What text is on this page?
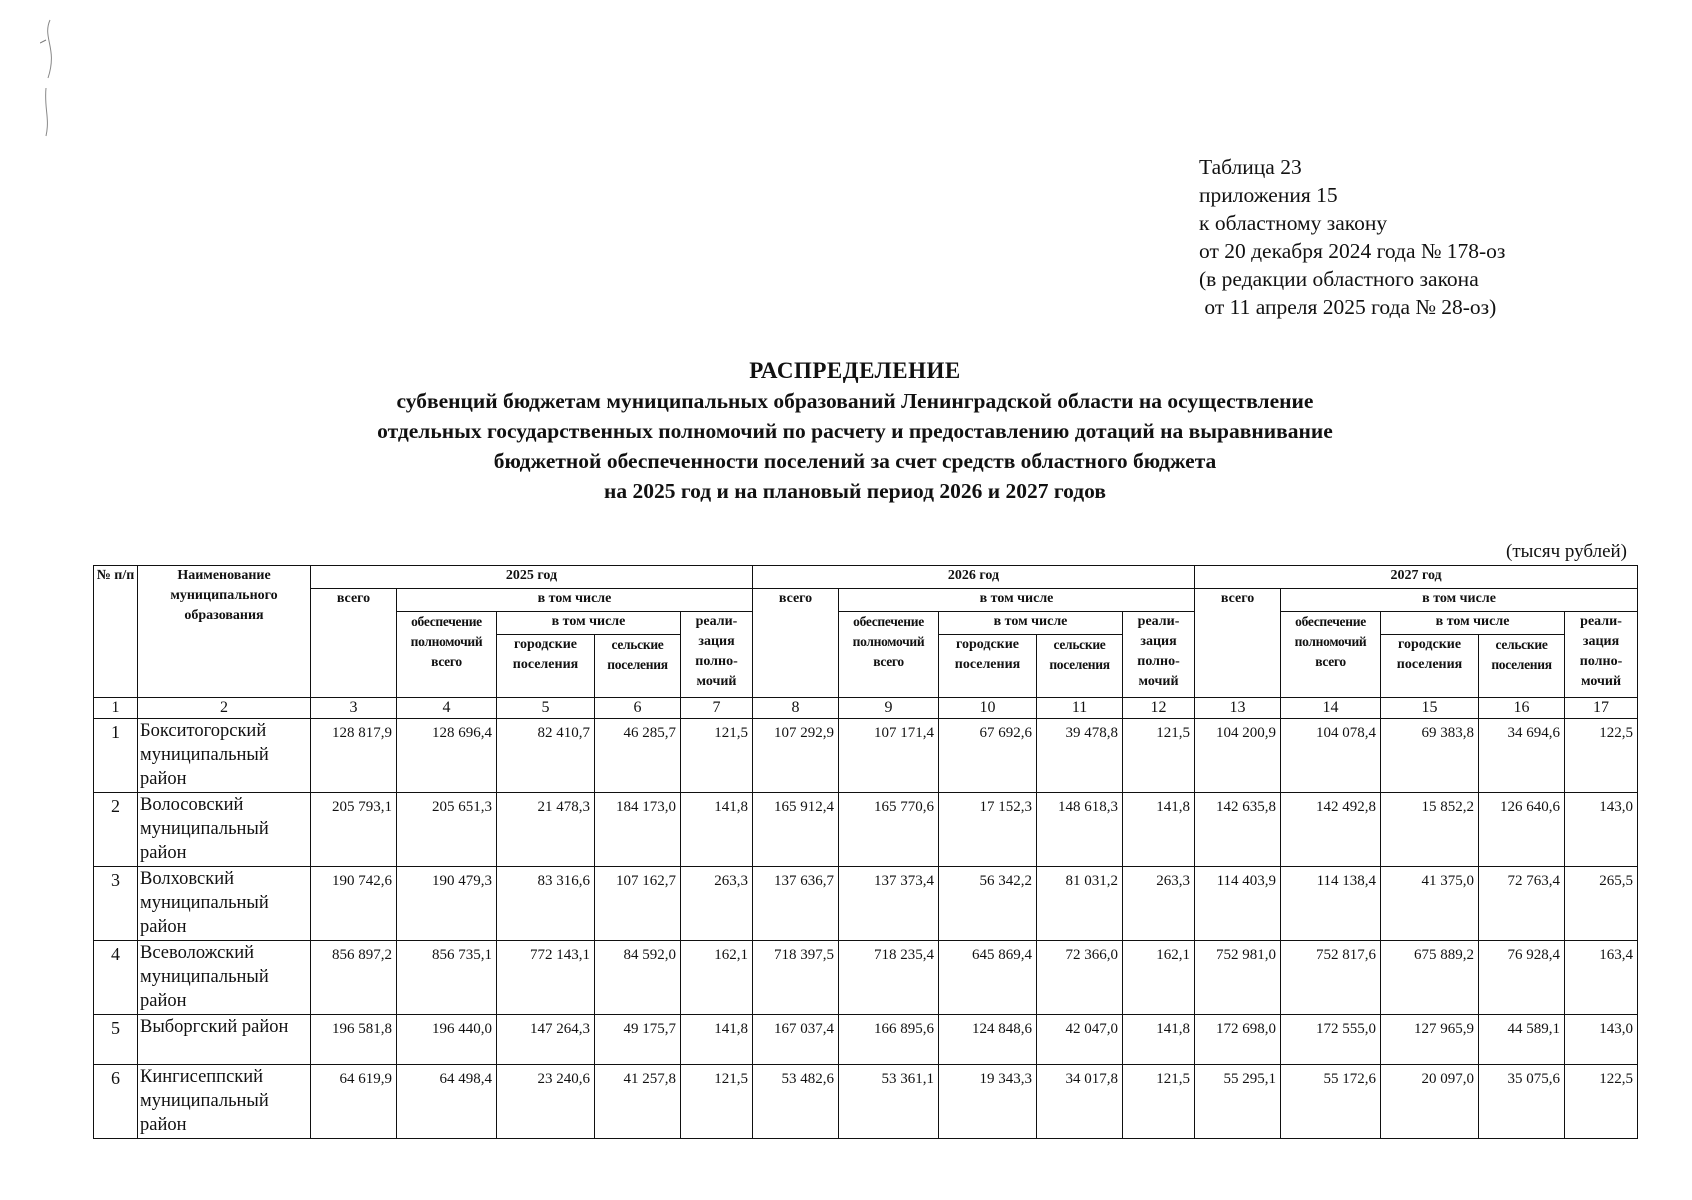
Таблица 23
приложения 15
к областному закону
от 20 декабря 2024 года № 178-оз
(в редакции областного закона
от 11 апреля 2025 года № 28-оз)
РАСПРЕДЕЛЕНИЕ
субвенций бюджетам муниципальных образований Ленинградской области на осуществление
отдельных государственных полномочий по расчету и предоставлению дотаций на выравнивание
бюджетной обеспеченности поселений за счет средств областного бюджета
на 2025 год и на плановый период 2026 и 2027 годов
(тысяч рублей)
№ п/п	Наименование муниципального образования	2025 год					2026 год					2027 год				
		всего	в том числе				всего	в том числе				всего	в том числе			
			обеспечение полномочий всего	в том числе		реали- зация полно- мочий		обеспечение полномочий всего	в том числе		реали- зация полно- мочий		обеспечение полномочий всего	в том числе		реали- зация полно- мочий
				городские поселения	сельские поселения				городские поселения	сельские поселения				городские поселения	сельские поселения	
1	2	3	4	5	6	7	8	9	10	11	12	13	14	15	16	17
1	Бокситогорский муниципальный район	128 817,9	128 696,4	82 410,7	46 285,7	121,5	107 292,9	107 171,4	67 692,6	39 478,8	121,5	104 200,9	104 078,4	69 383,8	34 694,6	122,5
2	Волосовский муниципальный район	205 793,1	205 651,3	21 478,3	184 173,0	141,8	165 912,4	165 770,6	17 152,3	148 618,3	141,8	142 635,8	142 492,8	15 852,2	126 640,6	143,0
3	Волховский муниципальный район	190 742,6	190 479,3	83 316,6	107 162,7	263,3	137 636,7	137 373,4	56 342,2	81 031,2	263,3	114 403,9	114 138,4	41 375,0	72 763,4	265,5
4	Всеволожский муниципальный район	856 897,2	856 735,1	772 143,1	84 592,0	162,1	718 397,5	718 235,4	645 869,4	72 366,0	162,1	752 981,0	752 817,6	675 889,2	76 928,4	163,4
5	Выборгский район	196 581,8	196 440,0	147 264,3	49 175,7	141,8	167 037,4	166 895,6	124 848,6	42 047,0	141,8	172 698,0	172 555,0	127 965,9	44 589,1	143,0
6	Кингисеппский муниципальный район	64 619,9	64 498,4	23 240,6	41 257,8	121,5	53 482,6	53 361,1	19 343,3	34 017,8	121,5	55 295,1	55 172,6	20 097,0	35 075,6	122,5
